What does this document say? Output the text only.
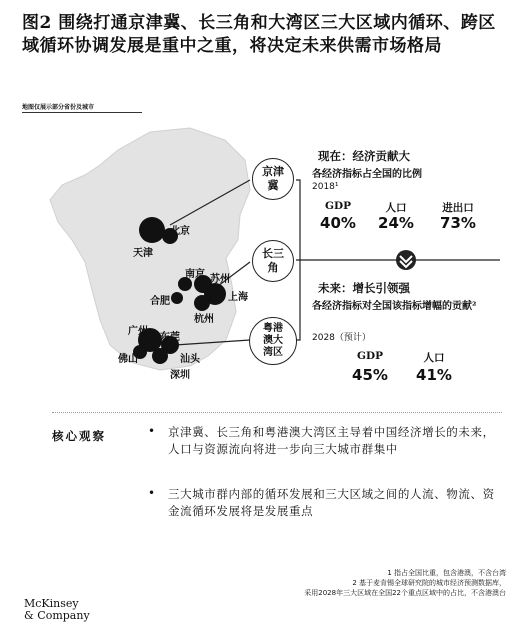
图2 围绕打通京津冀、长三角和大湾区三大区域内循环、跨区域循环协调发展是重中之重，将决定未来供需市场格局
地图仅展示部分省份及城市
京津
冀
长三
角
粤港
澳大
湾区
北京
天津
南京 苏州
合肥	上海
杭州
广州
东莞
佛山	汕头
深圳
现在：经济贡献大
各经济指标占全国的比例
2018¹
GDP
40%
人口
24%
进出口
73%
未来：增长引领强
各经济指标对全国该指标增幅的贡献²
2028（预计）
GDP
45%
人口
41%
核心观察	• 京津冀、长三角和粤港澳大湾区主导着中国经济增长的未来，人口与资源流向将进一步向三大城市群集中
• 三大城市群内部的循环发展和三大区域之间的人流、物流、资金流循环发展将是发展重点
1 指占全国比重，包含港澳，不含台湾
2 基于麦肯锡全球研究院的城市经济预测数据库，
采用2028年三大区域在全国22个重点区域中的占比，不含港澳台
McKinsey
& Company
